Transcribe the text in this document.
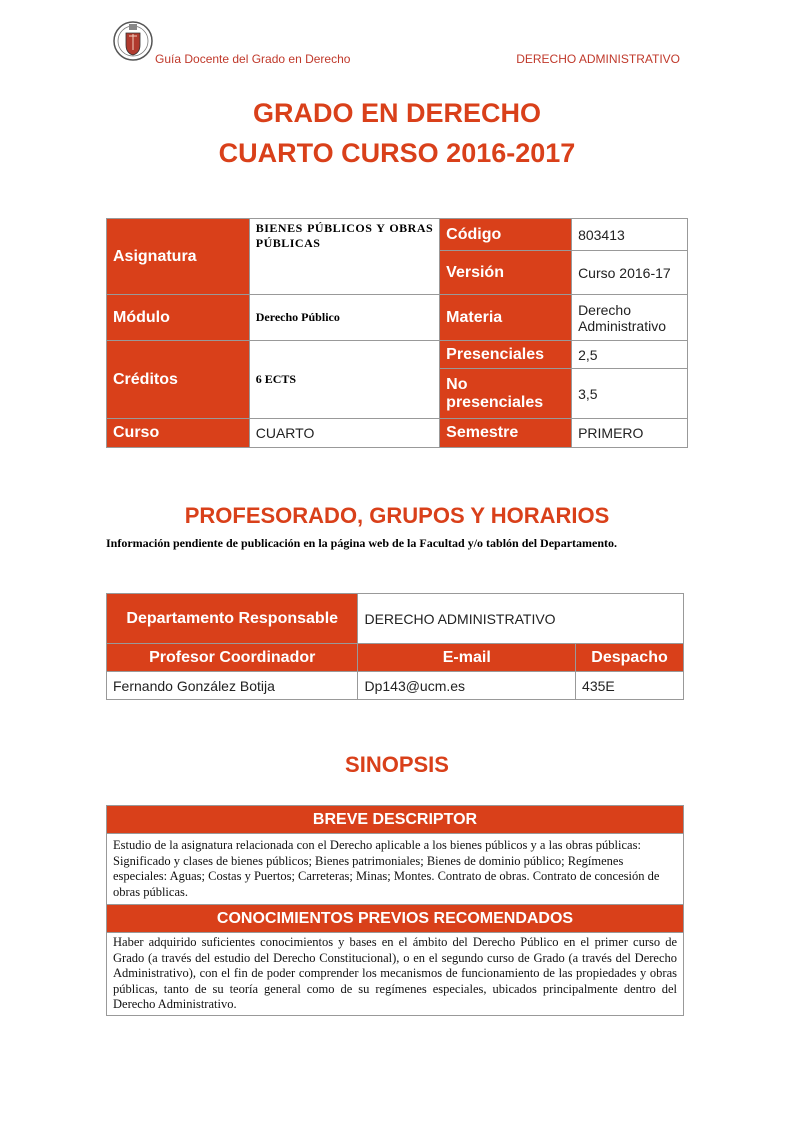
Guía Docente del Grado en Derecho	DERECHO ADMINISTRATIVO
GRADO EN DERECHO
CUARTO CURSO 2016-2017
Asignatura	BIENES PÚBLICOS Y OBRAS PÚBLICAS	Código	803413
		Versión	Curso 2016-17
Módulo	Derecho Público	Materia	Derecho Administrativo
Créditos	6 ECTS	Presenciales	2,5
		No presenciales	3,5
Curso	CUARTO	Semestre	PRIMERO
PROFESORADO, GRUPOS Y HORARIOS
Información pendiente de publicación en la página web de la Facultad y/o tablón del Departamento.
Departamento Responsable	DERECHO ADMINISTRATIVO	
Profesor Coordinador	E-mail	Despacho
Fernando González Botija	Dp143@ucm.es	435E
SINOPSIS
BREVE DESCRIPTOR
Estudio de la asignatura relacionada con el Derecho aplicable a los bienes públicos y a las obras públicas: Significado y clases de bienes públicos; Bienes patrimoniales; Bienes de dominio público; Regímenes especiales: Aguas; Costas y Puertos; Carreteras; Minas; Montes. Contrato de obras. Contrato de concesión de obras públicas.
CONOCIMIENTOS PREVIOS RECOMENDADOS
Haber adquirido suficientes conocimientos y bases en el ámbito del Derecho Público en el primer curso de Grado (a través del estudio del Derecho Constitucional), o en el segundo curso de Grado (a través del Derecho Administrativo), con el fin de poder comprender los mecanismos de funcionamiento de las propiedades y obras públicas, tanto de su teoría general como de su regímenes especiales, ubicados principalmente dentro del Derecho Administrativo.
